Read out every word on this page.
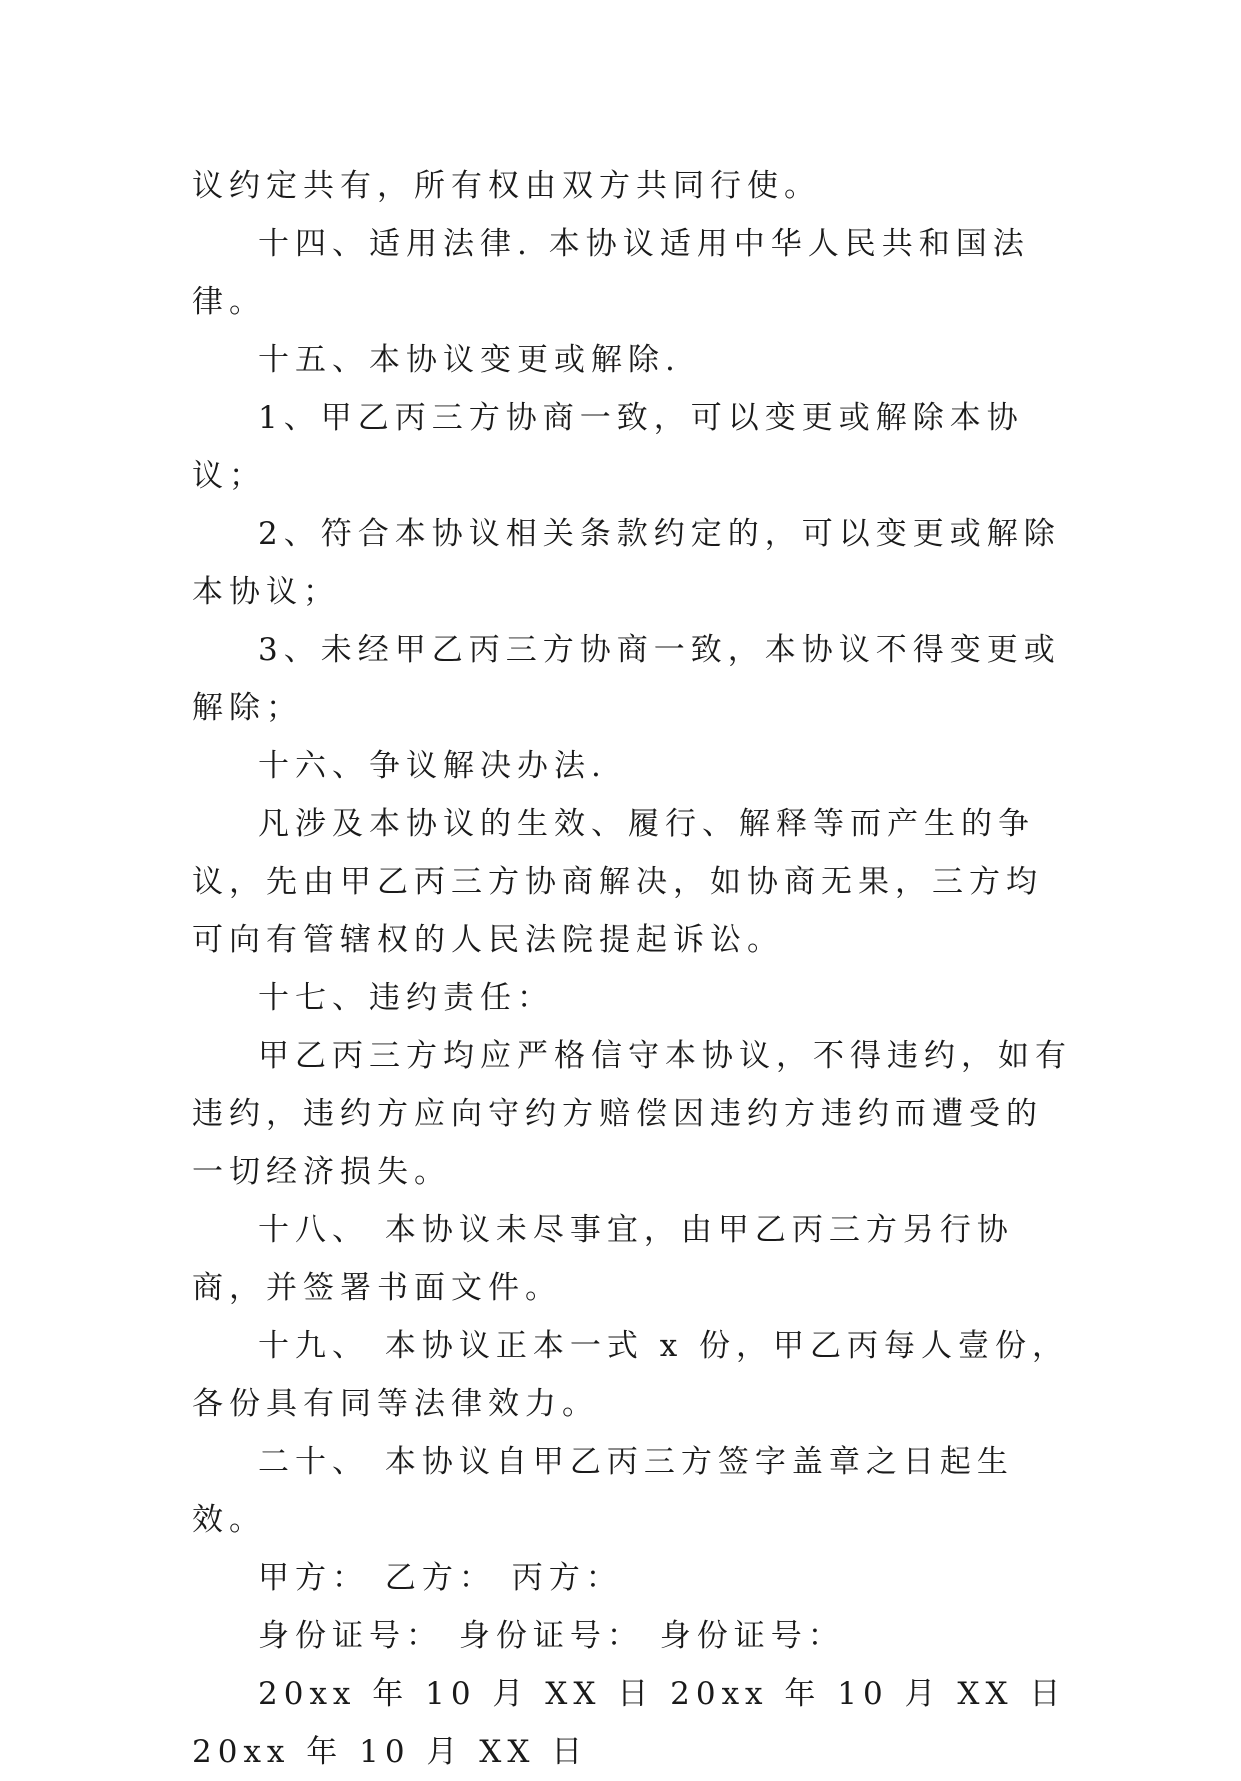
议约定共有，所有权由双方共同行使。

十四、适用法律. 本协议适用中华人民共和国法律。

十五、本协议变更或解除.

1、甲乙丙三方协商一致，可以变更或解除本协议；

2、符合本协议相关条款约定的，可以变更或解除本协议；

3、未经甲乙丙三方协商一致，本协议不得变更或解除；

十六、争议解决办法.

凡涉及本协议的生效、履行、解释等而产生的争议，先由甲乙丙三方协商解决，如协商无果，三方均可向有管辖权的人民法院提起诉讼。

十七、违约责任：

甲乙丙三方均应严格信守本协议，不得违约，如有违约，违约方应向守约方赔偿因违约方违约而遭受的一切经济损失。

十八、 本协议未尽事宜，由甲乙丙三方另行协商，并签署书面文件。

十九、 本协议正本一式 x 份，甲乙丙每人壹份，各份具有同等法律效力。

二十、 本协议自甲乙丙三方签字盖章之日起生效。

甲方： 乙方： 丙方：

身份证号： 身份证号： 身份证号：

20xx 年 10 月 XX 日 20xx 年 10 月 XX 日 20xx 年 10 月 XX 日
